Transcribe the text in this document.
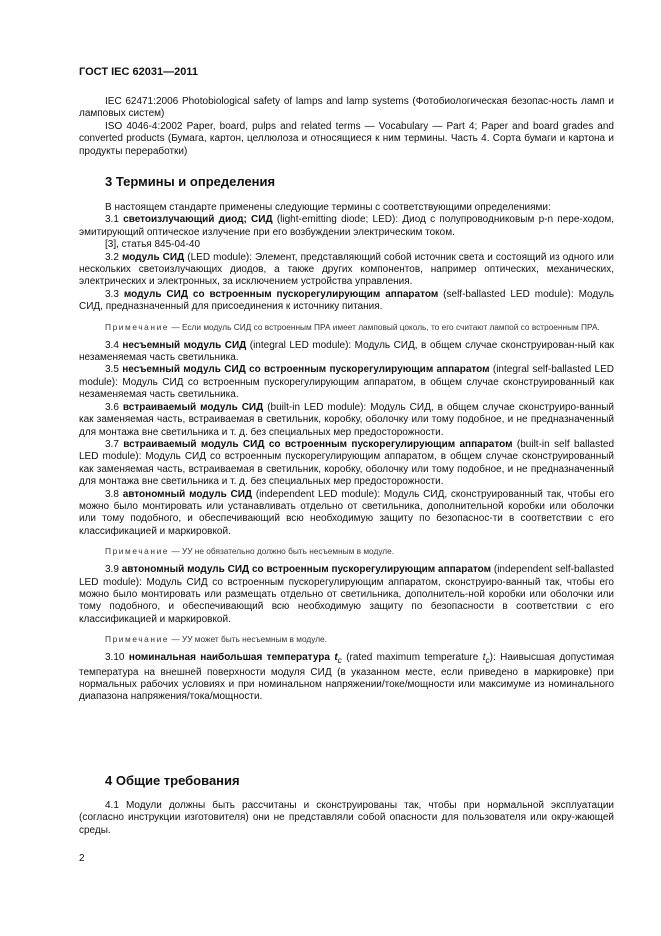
ГОСТ IEC 62031—2011

IEC 62471:2006 Photobiological safety of lamps and lamp systems (Фотобиологическая безопас-ность ламп и ламповых систем)

ISO 4046-4:2002 Paper, board, pulps and related terms — Vocabulary — Part 4; Paper and board grades and converted products (Бумага, картон, целлюлоза и относящиеся к ним термины. Часть 4. Сорта бумаги и картона и продукты переработки)

3 Термины и определения

В настоящем стандарте применены следующие термины с соответствующими определениями:

3.1 светоизлучающий диод; СИД (light-emitting diode; LED): Диод с полупроводниковым p-n пере-ходом, эмитирующий оптическое излучение при его возбуждении электрическим током.

[3], статья 845-04-40

3.2 модуль СИД (LED module): Элемент, представляющий собой источник света и состоящий из одного или нескольких светоизлучающих диодов, а также других компонентов, например оптических, механических, электрических и электронных, за исключением устройства управления.

3.3 модуль СИД со встроенным пускорегулирующим аппаратом (self-ballasted LED module): Модуль СИД, предназначенный для присоединения к источнику питания.

Примечание — Если модуль СИД со встроенным ПРА имеет ламповый цоколь, то его считают лампой со встроенным ПРА.

3.4 несъемный модуль СИД (integral LED module): Модуль СИД, в общем случае сконструирован-ный как незаменяемая часть светильника.

3.5 несъемный модуль СИД со встроенным пускорегулирующим аппаратом (integral self-ballasted LED module): Модуль СИД со встроенным пускорегулирующим аппаратом, в общем случае сконструированный как незаменяемая часть светильника.

3.6 встраиваемый модуль СИД (built-in LED module): Модуль СИД, в общем случае сконструиро-ванный как заменяемая часть, встраиваемая в светильник, коробку, оболочку или тому подобное, и не предназначенный для монтажа вне светильника и т. д. без специальных мер предосторожности.

3.7 встраиваемый модуль СИД со встроенным пускорегулирующим аппаратом (built-in self ballasted LED module): Модуль СИД со встроенным пускорегулирующим аппаратом, в общем случае сконструированный как заменяемая часть, встраиваемая в светильник, коробку, оболочку или тому подобное, и не предназначенный для монтажа вне светильника и т. д. без специальных мер предосторожности.

3.8 автономный модуль СИД (independent LED module): Модуль СИД, сконструированный так, чтобы его можно было монтировать или устанавливать отдельно от светильника, дополнительной коробки или оболочки или тому подобного, и обеспечивающий всю необходимую защиту по безопаснос-ти в соответствии с его классификацией и маркировкой.

Примечание — УУ не обязательно должно быть несъемным в модуле.

3.9 автономный модуль СИД со встроенным пускорегулирующим аппаратом (independent self-ballasted LED module): Модуль СИД со встроенным пускорегулирующим аппаратом, сконструиро-ванный так, чтобы его можно было монтировать или размещать отдельно от светильника, дополнитель-ной коробки или оболочки или тому подобного, и обеспечивающий всю необходимую защиту по безопасности в соответствии с его классификацией и маркировкой.

Примечание — УУ может быть несъемным в модуле.

3.10 номинальная наибольшая температура $t_c$ (rated maximum temperature $t_c$): Наивысшая допустимая температура на внешней поверхности модуля СИД (в указанном месте, если приведено в маркировке) при нормальных рабочих условиях и при номинальном напряжении/токе/мощности или максимуме из номинального диапазона напряжения/тока/мощности.

4 Общие требования

4.1 Модули должны быть рассчитаны и сконструированы так, чтобы при нормальной эксплуатации (согласно инструкции изготовителя) они не представляли собой опасности для пользователя или окру-жающей среды.

2
